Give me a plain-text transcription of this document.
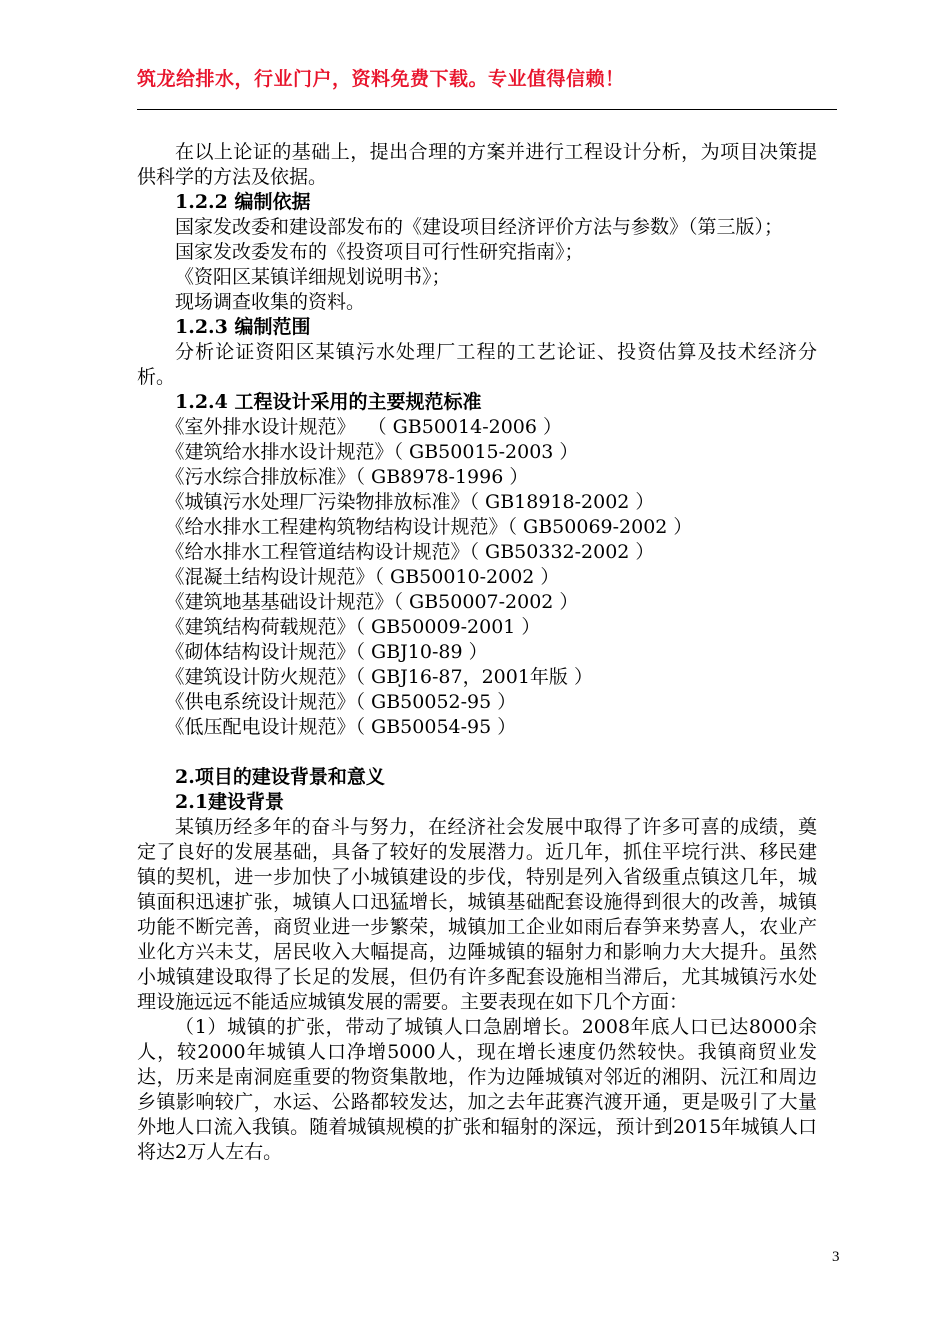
筑龙给排水，行业门户，资料免费下载。专业值得信赖！
在以上论证的基础上，提出合理的方案并进行工程设计分析，为项目决策提供科学的方法及依据。
1.2.2 编制依据
国家发改委和建设部发布的《建设项目经济评价方法与参数》（第三版）；
国家发改委发布的《投资项目可行性研究指南》；
《资阳区某镇详细规划说明书》；
现场调查收集的资料。
1.2.3 编制范围
分析论证资阳区某镇污水处理厂工程的工艺论证、投资估算及技术经济分析。
1.2.4 工程设计采用的主要规范标准
《室外排水设计规范》  （ GB50014-2006 ）
《建筑给水排水设计规范》（ GB50015-2003 ）
《污水综合排放标准》（ GB8978-1996 ）
《城镇污水处理厂污染物排放标准》（ GB18918-2002 ）
《给水排水工程建构筑物结构设计规范》（ GB50069-2002 ）
《给水排水工程管道结构设计规范》（ GB50332-2002 ）
《混凝土结构设计规范》（ GB50010-2002 ）
《建筑地基基础设计规范》（ GB50007-2002 ）
《建筑结构荷载规范》（ GB50009-2001 ）
《砌体结构设计规范》（ GBJ10-89 ）
《建筑设计防火规范》（ GBJ16-87，2001年版 ）
《供电系统设计规范》（ GB50052-95 ）
《低压配电设计规范》（ GB50054-95 ）
2.项目的建设背景和意义
2.1建设背景
某镇历经多年的奋斗与努力，在经济社会发展中取得了许多可喜的成绩，奠定了良好的发展基础，具备了较好的发展潜力。近几年，抓住平垸行洪、移民建镇的契机，进一步加快了小城镇建设的步伐，特别是列入省级重点镇这几年，城镇面积迅速扩张，城镇人口迅猛增长，城镇基础配套设施得到很大的改善，城镇功能不断完善，商贸业进一步繁荣，城镇加工企业如雨后春笋来势喜人，农业产业化方兴未艾，居民收入大幅提高，边陲城镇的辐射力和影响力大大提升。虽然小城镇建设取得了长足的发展，但仍有许多配套设施相当滞后，尤其城镇污水处理设施远远不能适应城镇发展的需要。主要表现在如下几个方面：
（1）城镇的扩张，带动了城镇人口急剧增长。2008年底人口已达8000余人，较2000年城镇人口净增5000人，现在增长速度仍然较快。我镇商贸业发达，历来是南洞庭重要的物资集散地，作为边陲城镇对邻近的湘阴、沅江和周边乡镇影响较广，水运、公路都较发达，加之去年茈赛汽渡开通，更是吸引了大量外地人口流入我镇。随着城镇规模的扩张和辐射的深远，预计到2015年城镇人口将达2万人左右。
3
